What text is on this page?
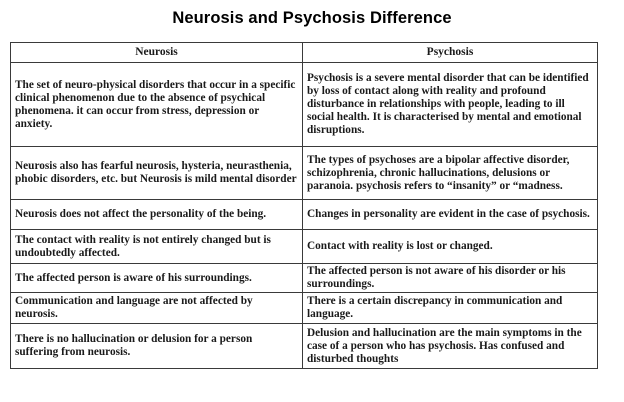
Neurosis and Psychosis Difference
Neurosis	Psychosis
The set of neuro-physical disorders that occur in a specific clinical phenomenon due to the absence of psychical phenomena. it can occur from stress, depression or anxiety.	Psychosis is a severe mental disorder that can be identified by loss of contact along with reality and profound disturbance in relationships with people, leading to ill social health. It is characterised by mental and emotional disruptions.
Neurosis also has fearful neurosis, hysteria, neurasthenia, phobic disorders, etc. but Neurosis is mild mental disorder	The types of psychoses are a bipolar affective disorder, schizophrenia, chronic hallucinations, delusions or paranoia. psychosis refers to “insanity” or “madness.
Neurosis does not affect the personality of the being.	Changes in personality are evident in the case of psychosis.
The contact with reality is not entirely changed but is undoubtedly affected.	Contact with reality is lost or changed.
The affected person is aware of his surroundings.	The affected person is not aware of his disorder or his surroundings.
Communication and language are not affected by neurosis.	There is a certain discrepancy in communication and language.
There is no hallucination or delusion for a person suffering from neurosis.	Delusion and hallucination are the main symptoms in the case of a person who has psychosis. Has confused and disturbed thoughts
